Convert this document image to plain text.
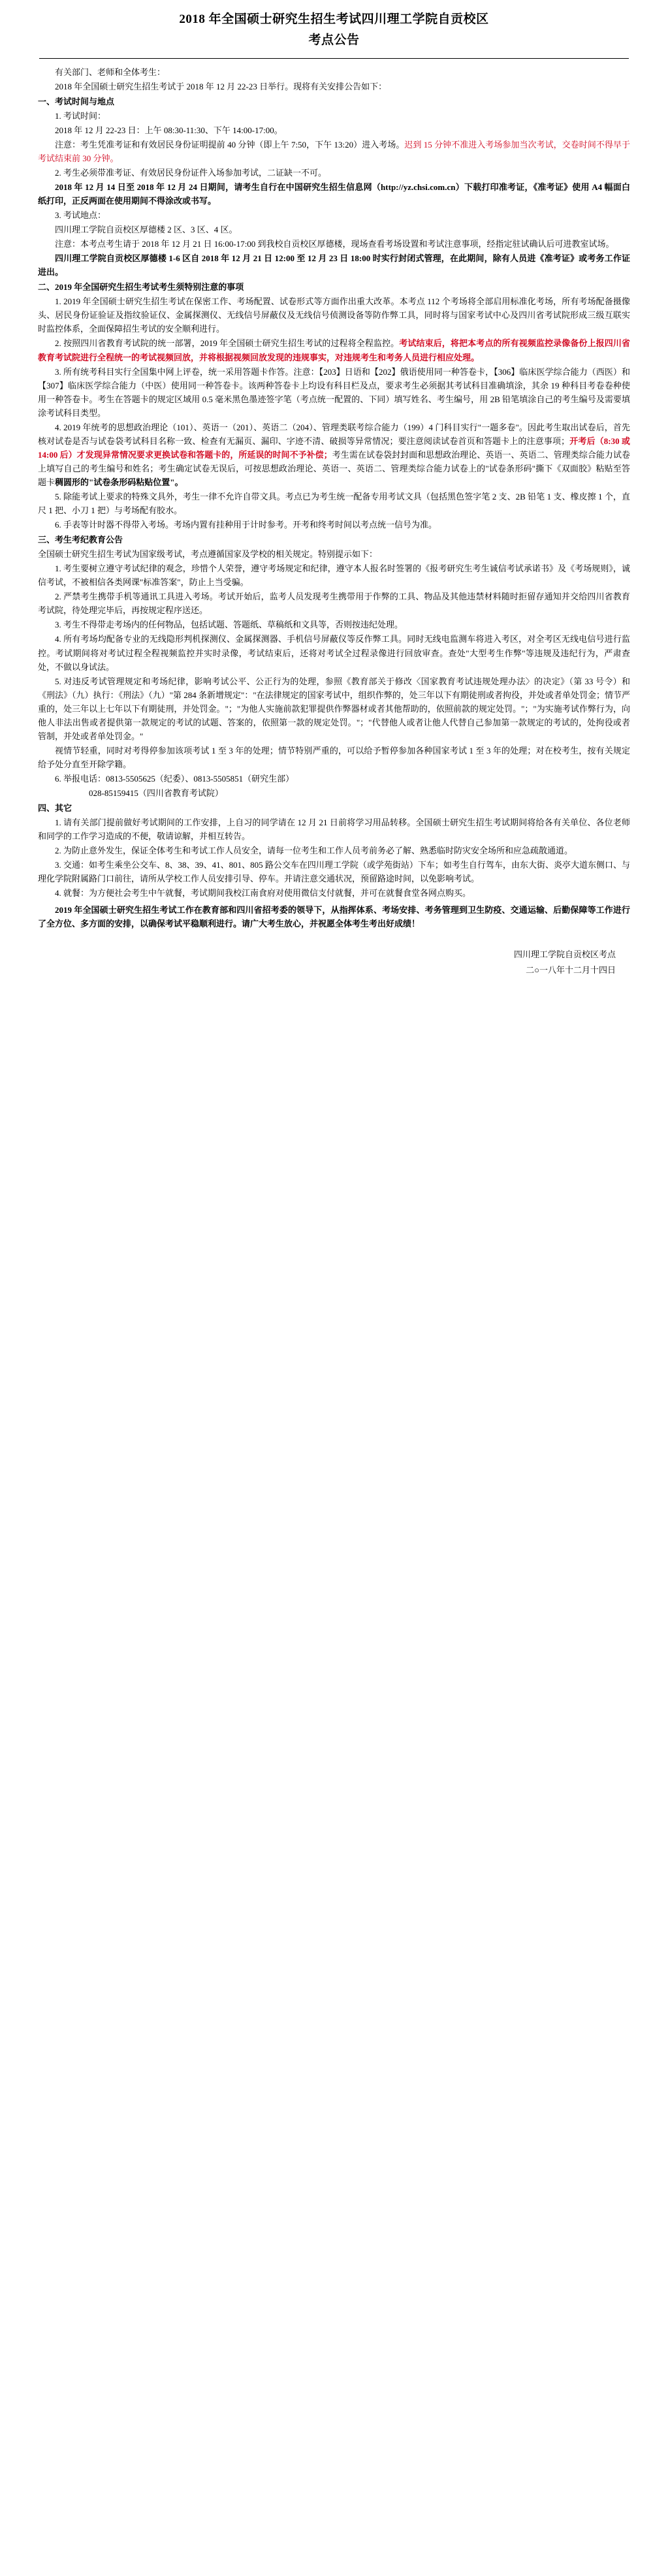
2018 年全国硕士研究生招生考试四川理工学院自贡校区
考点公告

有关部门、老师和全体考生：

2018 年全国硕士研究生招生考试于 2018 年 12 月 22-23 日举行。现将有关安排公告如下：

一、考试时间与地点

1. 考试时间：

2018 年 12 月 22-23 日：上午 08:30-11:30、下午 14:00-17:00。

注意：考生凭准考证和有效居民身份证明提前 40 分钟（即上午 7:50，下午 13:20）进入考场。迟到 15 分钟不准进入考场参加当次考试，交卷时间不得早于考试结束前 30 分钟。

2. 考生必须带准考证、有效居民身份证件入场参加考试，二证缺一不可。

2018 年 12 月 14 日至 2018 年 12 月 24 日期间，请考生自行在中国研究生招生信息网（http://yz.chsi.com.cn）下载打印准考证，《准考证》使用 A4 幅面白纸打印，正反两面在使用期间不得涂改或书写。

3. 考试地点：

四川理工学院自贡校区厚德楼 2 区、3 区、4 区。

注意：本考点考生请于 2018 年 12 月 21 日 16:00-17:00 到我校自贡校区厚德楼，现场查看考场设置和考试注意事项，经指定驻试确认后可进教室试场。

四川理工学院自贡校区厚德楼 1-6 区自 2018 年 12 月 21 日 12:00 至 12 月 23 日 18:00 时实行封闭式管理，在此期间，除有人员进《准考证》或考务工作证进出。

二、2019 年全国研究生招生考试考生须特别注意的事项

1. 2019 年全国硕士研究生招生考试在保密工作、考场配置、试卷形式等方面作出重大改革。本考点 112 个考场将全部启用标准化考场，所有考场配备摄像头、居民身份证验证及指纹验证仪、金属探测仪、无线信号屏蔽仪及无线信号侦测设备等防作弊工具，同时将与国家考试中心及四川省考试院形成三级互联实时监控体系，全面保障招生考试的安全顺利进行。

2. 按照四川省教育考试院的统一部署，2019 年全国硕士研究生招生考试的过程将全程监控。考试结束后，将把本考点的所有视频监控录像备份上报四川省教育考试院进行全程统一的考试视频回放，并将根据视频回放发现的违规事实，对违规考生和考务人员进行相应处理。

3. 所有统考科目实行全国集中网上评卷，统一采用答题卡作答。注意：【203】日语和【202】俄语使用同一种答卷卡，【306】临床医学综合能力（西医）和【307】临床医学综合能力（中医）使用同一种答卷卡。该两种答卷卡上均设有科目栏及点，要求考生必须据其考试科目准确填涂，其余 19 种科目考卷卷种使用一种答卷卡。考生在答题卡的规定区域用 0.5 毫米黑色墨迹签字笔（考点统一配置的、下同）填写姓名、考生编号，用 2B 铅笔填涂自己的考生编号及需要填涂考试科目类型。

4. 2019 年统考的思想政治理论（101）、英语一（201）、英语二（204）、管理类联考综合能力（199）4 门科目实行"一题多卷"。因此考生取出试卷后，首先核对试卷是否与试卷袋考试科目名称一致、检查有无漏页、漏印、字迹不清、破损等异常情况；要注意阅读试卷首页和答题卡上的注意事项；开考后（8:30 或 14:00 后）才发现异常情况要求更换试卷和答题卡的，所延误的时间不予补偿；考生需在试卷袋封封面和思想政治理论、英语一、英语二、管理类综合能力试卷上填写自己的考生编号和姓名；考生确定试卷无误后，可按思想政治理论、英语一、英语二、管理类综合能力试卷上的"试卷条形码"撕下《双面胶》粘贴至答题卡稠圆形的"试卷条形码粘贴位置"。

5. 除能考试上要求的特殊文具外，考生一律不允许自带文具。考点已为考生统一配备专用考试文具（包括黑色签字笔 2 支、2B 铅笔 1 支、橡皮擦 1 个，直尺 1 把、小刀 1 把）与考场配有胶水。

6. 手表等计时器不得带入考场。考场内置有挂种用于计时参考。开考和终考时间以考点统一信号为准。

三、考生考纪教育公告

全国硕士研究生招生考试为国家级考试，考点遵循国家及学校的相关规定。特别提示如下：

1. 考生要树立遵守考试纪律的观念，珍惜个人荣誉，遵守考场规定和纪律，遵守本人报名时签署的《报考研究生考生诚信考试承诺书》及《考场规则》，诚信考试，不被相信各类网课"标准答案"，防止上当受骗。

2. 严禁考生携带手机等通讯工具进入考场。考试开始后，监考人员发现考生携带用于作弊的工具、物品及其他违禁材料随时拒留存通知并交给四川省教育考试院，待处理完毕后，再按规定程序送还。

3. 考生不得带走考场内的任何物品，包括试题、答题纸、草稿纸和文具等，否则按违纪处理。

4. 所有考场均配备专业的无线隐形判机探测仪、金属探测器、手机信号屏蔽仪等反作弊工具。同时无线电监测车将进入考区，对全考区无线电信号进行监控。考试期间将对考试过程全程视频监控并实时录像，考试结束后，还将对考试全过程录像进行回放审查。查处"大型考生作弊"等违规及违纪行为，严肃查处，不做以身试法。

5. 对违反考试管理规定和考场纪律，影响考试公平、公正行为的处理，参照《教育部关于修改〈国家教育考试违规处理办法〉的决定》（第 33 号令）和《刑法》（九）执行：《刑法》（九）"第 284 条新增规定"："在法律规定的国家考试中，组织作弊的，处三年以下有期徒刑或者拘役，并处或者单处罚金；情节严重的，处三年以上七年以下有期徒刑，并处罚金。"；"为他人实施前款犯罪提供作弊器材或者其他帮助的，依照前款的规定处罚。"；"为实施考试作弊行为，向他人非法出售或者提供第一款规定的考试的试题、答案的，依照第一款的规定处罚。"；"代替他人或者让他人代替自己参加第一款规定的考试的，处拘役或者管制，并处或者单处罚金。"

视情节轻重，同时对考得停参加该项考试 1 至 3 年的处理；情节特别严重的，可以给予暂停参加各种国家考试 1 至 3 年的处理；对在校考生，按有关规定给予处分直至开除学籍。

6. 举报电话：0813-5505625（纪委）、0813-5505851（研究生部）

028-85159415（四川省教育考试院）

四、其它

1. 请有关部门提前做好考试期间的工作安排，上自习的同学请在 12 月 21 日前将学习用品转移。全国硕士研究生招生考试期间将给各有关单位、各位老师和同学的工作学习造成的不便，敬请谅解，并相互转告。

2. 为防止意外发生，保证全体考生和考试工作人员安全，请每一位考生和工作人员考前务必了解、熟悉临时防灾安全场所和应急疏散通道。

3. 交通：如考生乘坐公交车、8、38、39、41、801、805 路公交车在四川理工学院（或学苑街站）下车；如考生自行驾车，由东大街、炎亭大道东侧口、与理化学院附属路门口前往，请所从学校工作人员安排引导、停车。并请注意交通状况，预留路途时间，以免影响考试。

4. 就餐：为方便社会考生中午就餐，考试期间我校江南食府对使用微信支付就餐，并可在就餐食堂各网点购买。

2019 年全国硕士研究生招生考试工作在教育部和四川省招考委的领导下，从指挥体系、考场安排、考务管理到卫生防疫、交通运输、后勤保障等工作进行了全方位、多方面的安排，以确保考试平稳顺利进行。请广大考生放心，并祝愿全体考生考出好成绩！

四川理工学院自贡校区考点
二○一八年十二月十四日
